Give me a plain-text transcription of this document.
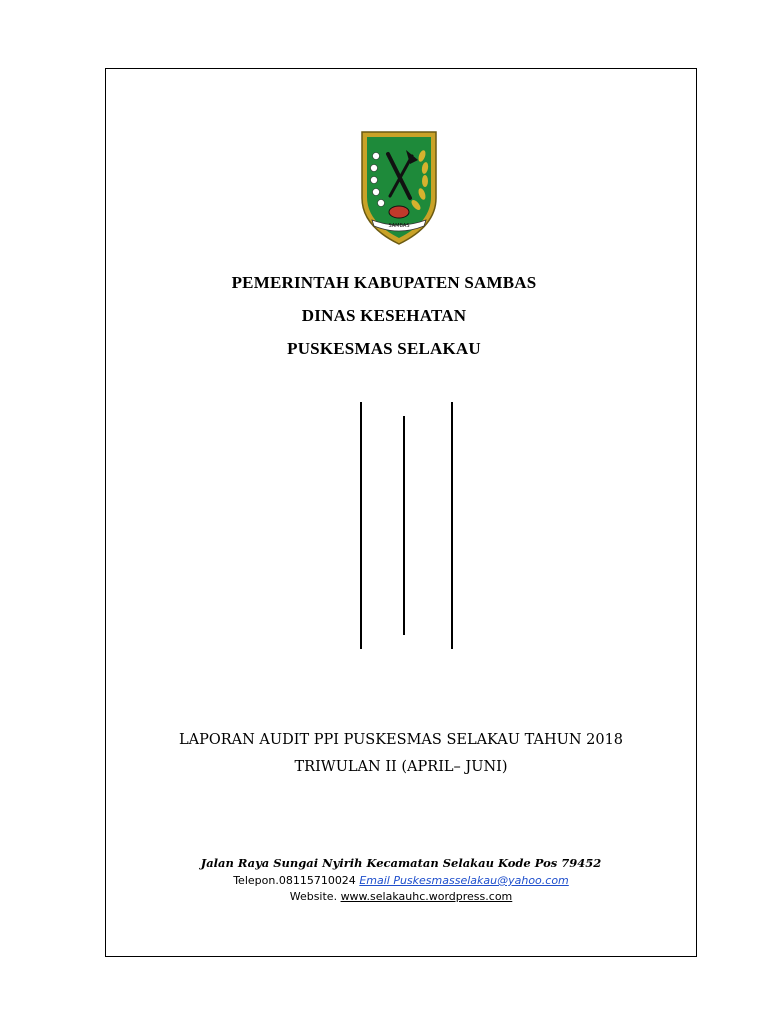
SAMBAS
PEMERINTAH KABUPATEN SAMBAS
DINAS KESEHATAN
PUSKESMAS SELAKAU
LAPORAN AUDIT PPI PUSKESMAS SELAKAU TAHUN 2018
TRIWULAN II (APRIL– JUNI)
Jalan Raya Sungai Nyirih Kecamatan Selakau Kode Pos 79452
Telepon.08115710024 Email Puskesmasselakau@yahoo.com
Website. www.selakauhc.wordpress.com
